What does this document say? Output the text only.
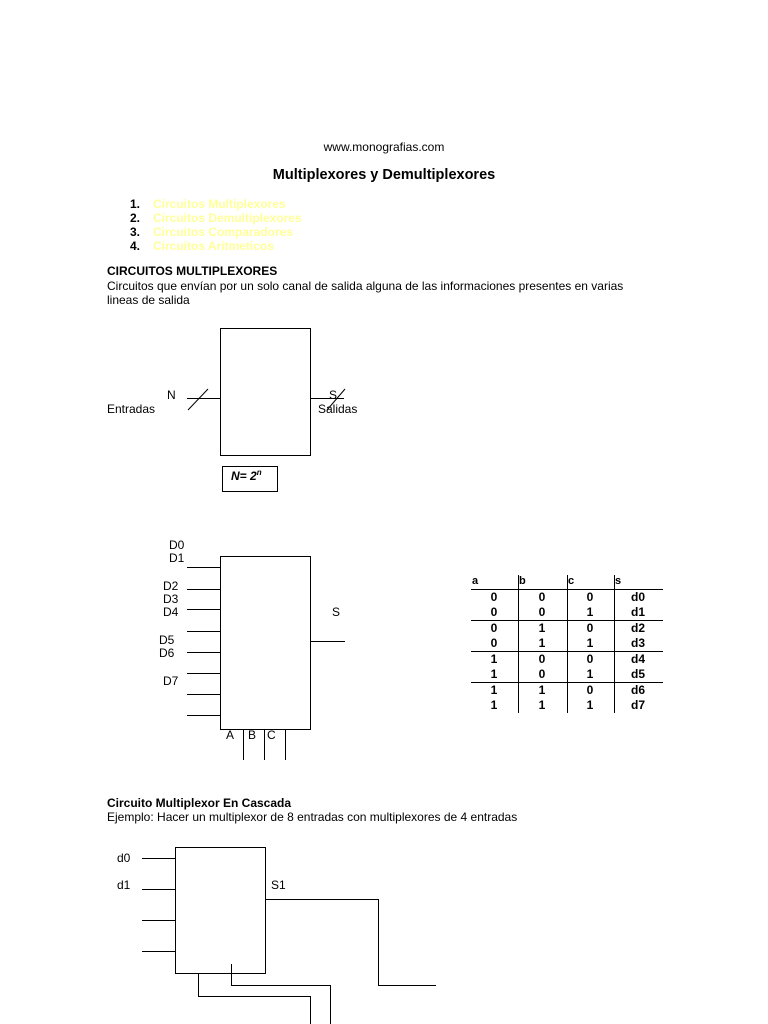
www.monografias.com
Multiplexores y Demultiplexores
1. Circuitos Multiplexores
2. Circuitos Demultiplexores
3. Circuitos Comparadores
4. Circuitos Aritmeticos
CIRCUITOS MULTIPLEXORES
Circuitos que envían por un solo canal de salida alguna de las informaciones presentes en varias
lineas de salida
N	S
Entradas	Salidas
$N= 2^n$
D0
D1
D2
D3
D4
D5
D6
D7
S
A B C
a	b	c	s
0	0	0	d0
0	0	1	d1
0	1	0	d2
0	1	1	d3
1	0	0	d4
1	0	1	d5
1	1	0	d6
1	1	1	d7
Circuito Multiplexor En Cascada
Ejemplo: Hacer un multiplexor de 8 entradas con multiplexores de 4 entradas
d0
d1	S1
